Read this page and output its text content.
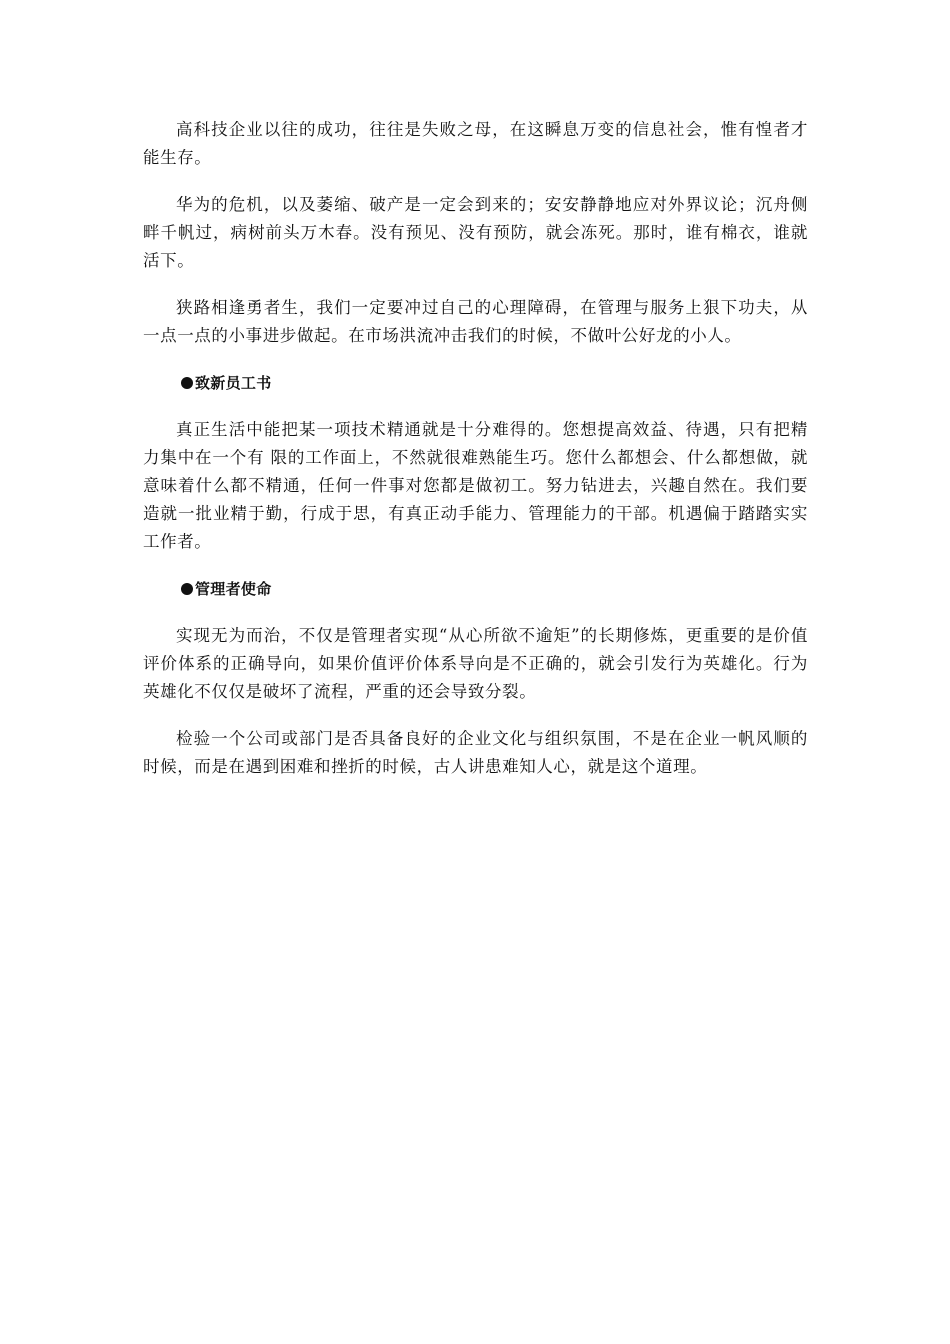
高科技企业以往的成功，往往是失败之母，在这瞬息万变的信息社会，惟有惶者才能生存。

华为的危机，以及萎缩、破产是一定会到来的；安安静静地应对外界议论；沉舟侧畔千帆过，病树前头万木春。没有预见、没有预防，就会冻死。那时，谁有棉衣，谁就活下。

狭路相逢勇者生，我们一定要冲过自己的心理障碍，在管理与服务上狠下功夫，从一点一点的小事进步做起。在市场洪流冲击我们的时候，不做叶公好龙的小人。

致新员工书

真正生活中能把某一项技术精通就是十分难得的。您想提高效益、待遇，只有把精力集中在一个有 限的工作面上，不然就很难熟能生巧。您什么都想会、什么都想做，就意味着什么都不精通，任何一件事对您都是做初工。努力钻进去，兴趣自然在。我们要造就一批业精于勤，行成于思，有真正动手能力、管理能力的干部。机遇偏于踏踏实实工作者。

管理者使命

实现无为而治，不仅是管理者实现“从心所欲不逾矩”的长期修炼，更重要的是价值评价体系的正确导向，如果价值评价体系导向是不正确的，就会引发行为英雄化。行为英雄化不仅仅是破坏了流程，严重的还会导致分裂。

检验一个公司或部门是否具备良好的企业文化与组织氛围，不是在企业一帆风顺的时候，而是在遇到困难和挫折的时候，古人讲患难知人心，就是这个道理。
